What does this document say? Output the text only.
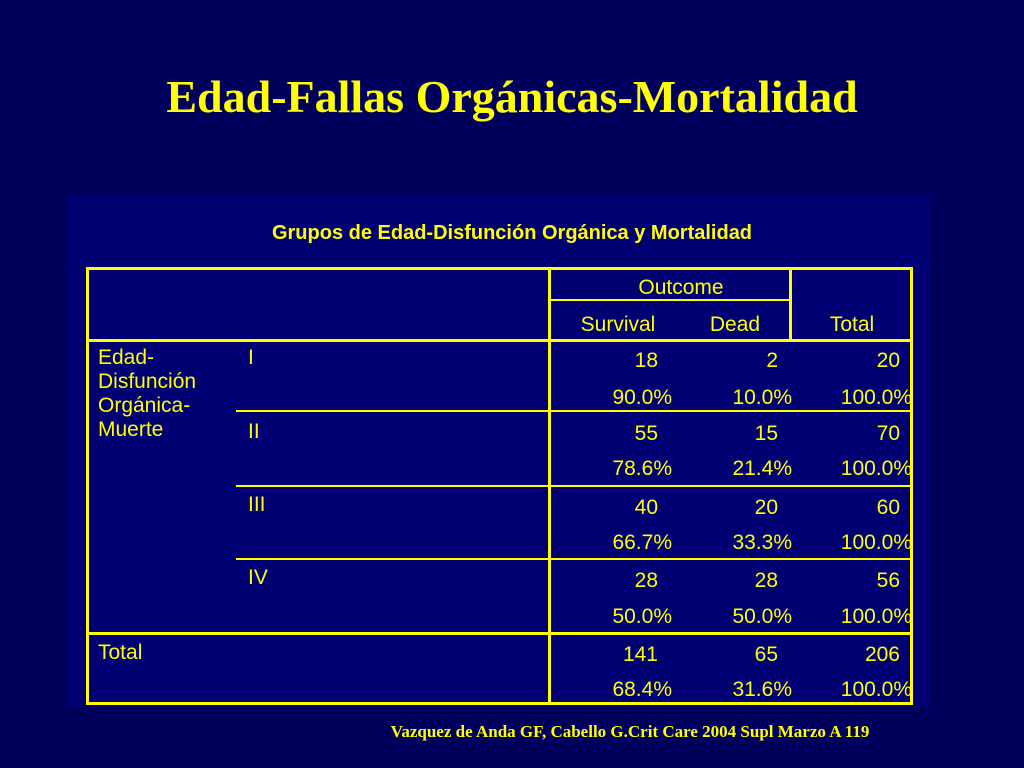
Edad-Fallas Orgánicas-Mortalidad
Grupos de Edad-Disfunción Orgánica y Mortalidad
Outcome
Survival	Dead	Total
Edad-
Disfunción
Orgánica-
Muerte
I	18	2	20
90.0%	10.0%	100.0%
II	55	15	70
78.6%	21.4%	100.0%
III	40	20	60
66.7%	33.3%	100.0%
IV	28	28	56
50.0%	50.0%	100.0%
Total	141	65	206
68.4%	31.6%	100.0%
Vazquez de Anda GF, Cabello G.Crit Care 2004 Supl Marzo A 119
